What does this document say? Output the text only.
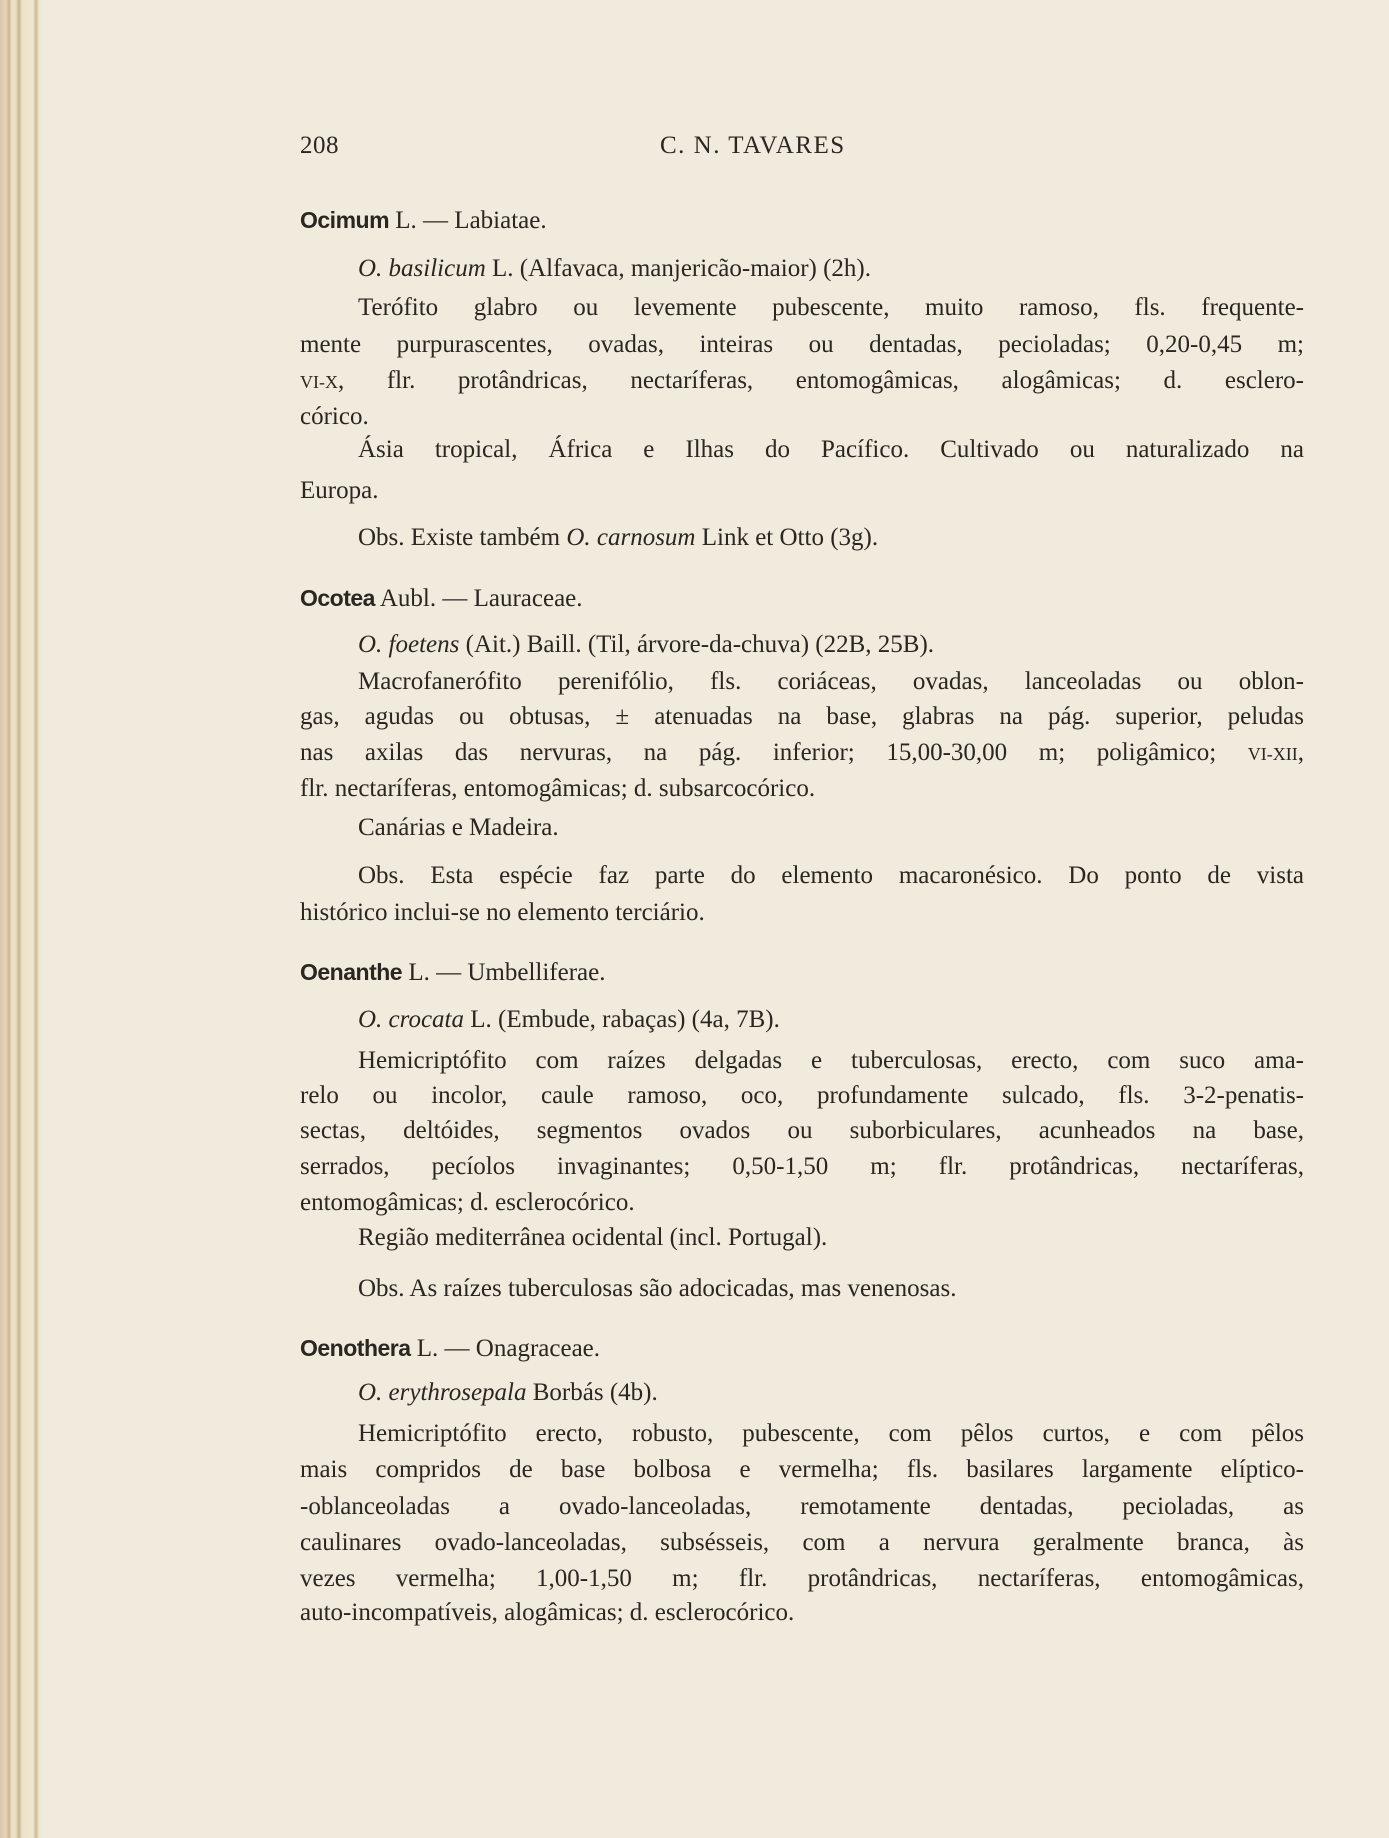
208	C. N. TAVARES
Ocimum L. — Labiatae.
O. basilicum L. (Alfavaca, manjericão-maior) (2h).
Terófito glabro ou levemente pubescente, muito ramoso, fls. frequente-
mente purpurascentes, ovadas, inteiras ou dentadas, pecioladas; 0,20-0,45 m;
VI-X, flr. protândricas, nectaríferas, entomogâmicas, alogâmicas; d. esclero-
córico.
Ásia tropical, África e Ilhas do Pacífico. Cultivado ou naturalizado na
Europa.
Obs. Existe também O. carnosum Link et Otto (3g).
Ocotea Aubl. — Lauraceae.
O. foetens (Ait.) Baill. (Til, árvore-da-chuva) (22B, 25B).
Macrofanerófito perenifólio, fls. coriáceas, ovadas, lanceoladas ou oblon-
gas, agudas ou obtusas, ± atenuadas na base, glabras na pág. superior, peludas
nas axilas das nervuras, na pág. inferior; 15,00-30,00 m; poligâmico; VI-XII,
flr. nectaríferas, entomogâmicas; d. subsarcocórico.
Canárias e Madeira.
Obs. Esta espécie faz parte do elemento macaronésico. Do ponto de vista
histórico inclui-se no elemento terciário.
Oenanthe L. — Umbelliferae.
O. crocata L. (Embude, rabaças) (4a, 7B).
Hemicriptófito com raízes delgadas e tuberculosas, erecto, com suco ama-
relo ou incolor, caule ramoso, oco, profundamente sulcado, fls. 3-2-penatis-
sectas, deltóides, segmentos ovados ou suborbiculares, acunheados na base,
serrados, pecíolos invaginantes; 0,50-1,50 m; flr. protândricas, nectaríferas,
entomogâmicas; d. esclerocórico.
Região mediterrânea ocidental (incl. Portugal).
Obs. As raízes tuberculosas são adocicadas, mas venenosas.
Oenothera L. — Onagraceae.
O. erythrosepala Borbás (4b).
Hemicriptófito erecto, robusto, pubescente, com pêlos curtos, e com pêlos
mais compridos de base bolbosa e vermelha; fls. basilares largamente elíptico-
-oblanceoladas a ovado-lanceoladas, remotamente dentadas, pecioladas, as
caulinares ovado-lanceoladas, subsésseis, com a nervura geralmente branca, às
vezes vermelha; 1,00-1,50 m; flr. protândricas, nectaríferas, entomogâmicas,
auto-incompatíveis, alogâmicas; d. esclerocórico.
